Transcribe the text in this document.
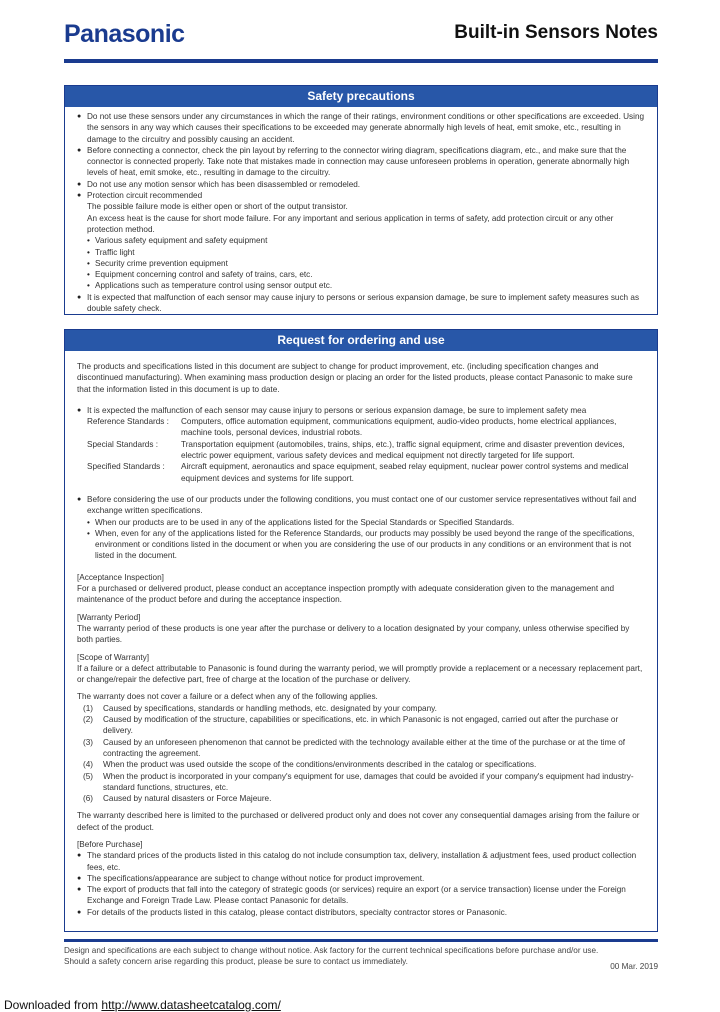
Panasonic	Built-in Sensors Notes
Safety precautions
● Do not use these sensors under any circumstances in which the range of their ratings, environment conditions or other specifications are exceeded. Using the sensors in any way which causes their specifications to be exceeded may generate abnormally high levels of heat, emit smoke, etc., resulting in damage to the circuitry and possibly causing an accident.
● Before connecting a connector, check the pin layout by referring to the connector wiring diagram, specifications diagram, etc., and make sure that the connector is connected properly. Take note that mistakes made in connection may cause unforeseen problems in operation, generate abnormally high levels of heat, emit smoke, etc., resulting in damage to the circuitry.
● Do not use any motion sensor which has been disassembled or remodeled.
● Protection circuit recommended
The possible failure mode is either open or short of the output transistor.
An excess heat is the cause for short mode failure. For any important and serious application in terms of safety, add protection circuit or any other protection method.
• Various safety equipment and safety equipment
• Traffic light
• Security crime prevention equipment
• Equipment concerning control and safety of trains, cars, etc.
• Applications such as temperature control using sensor output etc.
● It is expected that malfunction of each sensor may cause injury to persons or serious expansion damage, be sure to implement safety measures such as double safety check.
Request for ordering and use
The products and specifications listed in this document are subject to change for product improvement, etc. (including specification changes and discontinued manufacturing). When examining mass production design or placing an order for the listed products, please contact Panasonic to make sure that the information listed in this document is up to date.
● It is expected the malfunction of each sensor may cause injury to persons or serious expansion damage, be sure to implement safety mea
Reference Standards :	Computers, office automation equipment, communications equipment, audio-video products, home electrical appliances, machine tools, personal devices, industrial robots.
Special Standards :	Transportation equipment (automobiles, trains, ships, etc.), traffic signal equipment, crime and disaster prevention devices, electric power equipment, various safety devices and medical equipment not directly targeted for life support.
Specified Standards :	Aircraft equipment, aeronautics and space equipment, seabed relay equipment, nuclear power control systems and medical equipment devices and systems for life support.
● Before considering the use of our products under the following conditions, you must contact one of our customer service representatives without fail and exchange written specifications.
• When our products are to be used in any of the applications listed for the Special Standards or Specified Standards.
• When, even for any of the applications listed for the Reference Standards, our products may possibly be used beyond the range of the specifications, environment or conditions listed in the document or when you are considering the use of our products in any conditions or an environment that is not listed in the document.
[Acceptance Inspection]
For a purchased or delivered product, please conduct an acceptance inspection promptly with adequate consideration given to the management and maintenance of the product before and during the acceptance inspection.
[Warranty Period]
The warranty period of these products is one year after the purchase or delivery to a location designated by your company, unless otherwise specified by both parties.
[Scope of Warranty]
If a failure or a defect attributable to Panasonic is found during the warranty period, we will promptly provide a replacement or a necessary replacement part, or change/repair the defective part, free of charge at the location of the purchase or delivery.
The warranty does not cover a failure or a defect when any of the following applies.
(1)	Caused by specifications, standards or handling methods, etc. designated by your company.
(2)	Caused by modification of the structure, capabilities or specifications, etc. in which Panasonic is not engaged, carried out after the purchase or delivery.
(3)	Caused by an unforeseen phenomenon that cannot be predicted with the technology available either at the time of the purchase or at the time of contracting the agreement.
(4)	When the product was used outside the scope of the conditions/environments described in the catalog or specifications.
(5)	When the product is incorporated in your company's equipment for use, damages that could be avoided if your company's equipment had industry-standard functions, structures, etc.
(6)	Caused by natural disasters or Force Majeure.
The warranty described here is limited to the purchased or delivered product only and does not cover any consequential damages arising from the failure or defect of the product.
[Before Purchase]
● The standard prices of the products listed in this catalog do not include consumption tax, delivery, installation & adjustment fees, used product collection fees, etc.
● The specifications/appearance are subject to change without notice for product improvement.
● The export of products that fall into the category of strategic goods (or services) require an export (or a service transaction) license under the Foreign Exchange and Foreign Trade Law. Please contact Panasonic for details.
● For details of the products listed in this catalog, please contact distributors, specialty contractor stores or Panasonic.
Design and specifications are each subject to change without notice. Ask factory for the current technical specifications before purchase and/or use.
Should a safety concern arise regarding this product, please be sure to contact us immediately.
00 Mar. 2019
Downloaded from http://www.datasheetcatalog.com/
